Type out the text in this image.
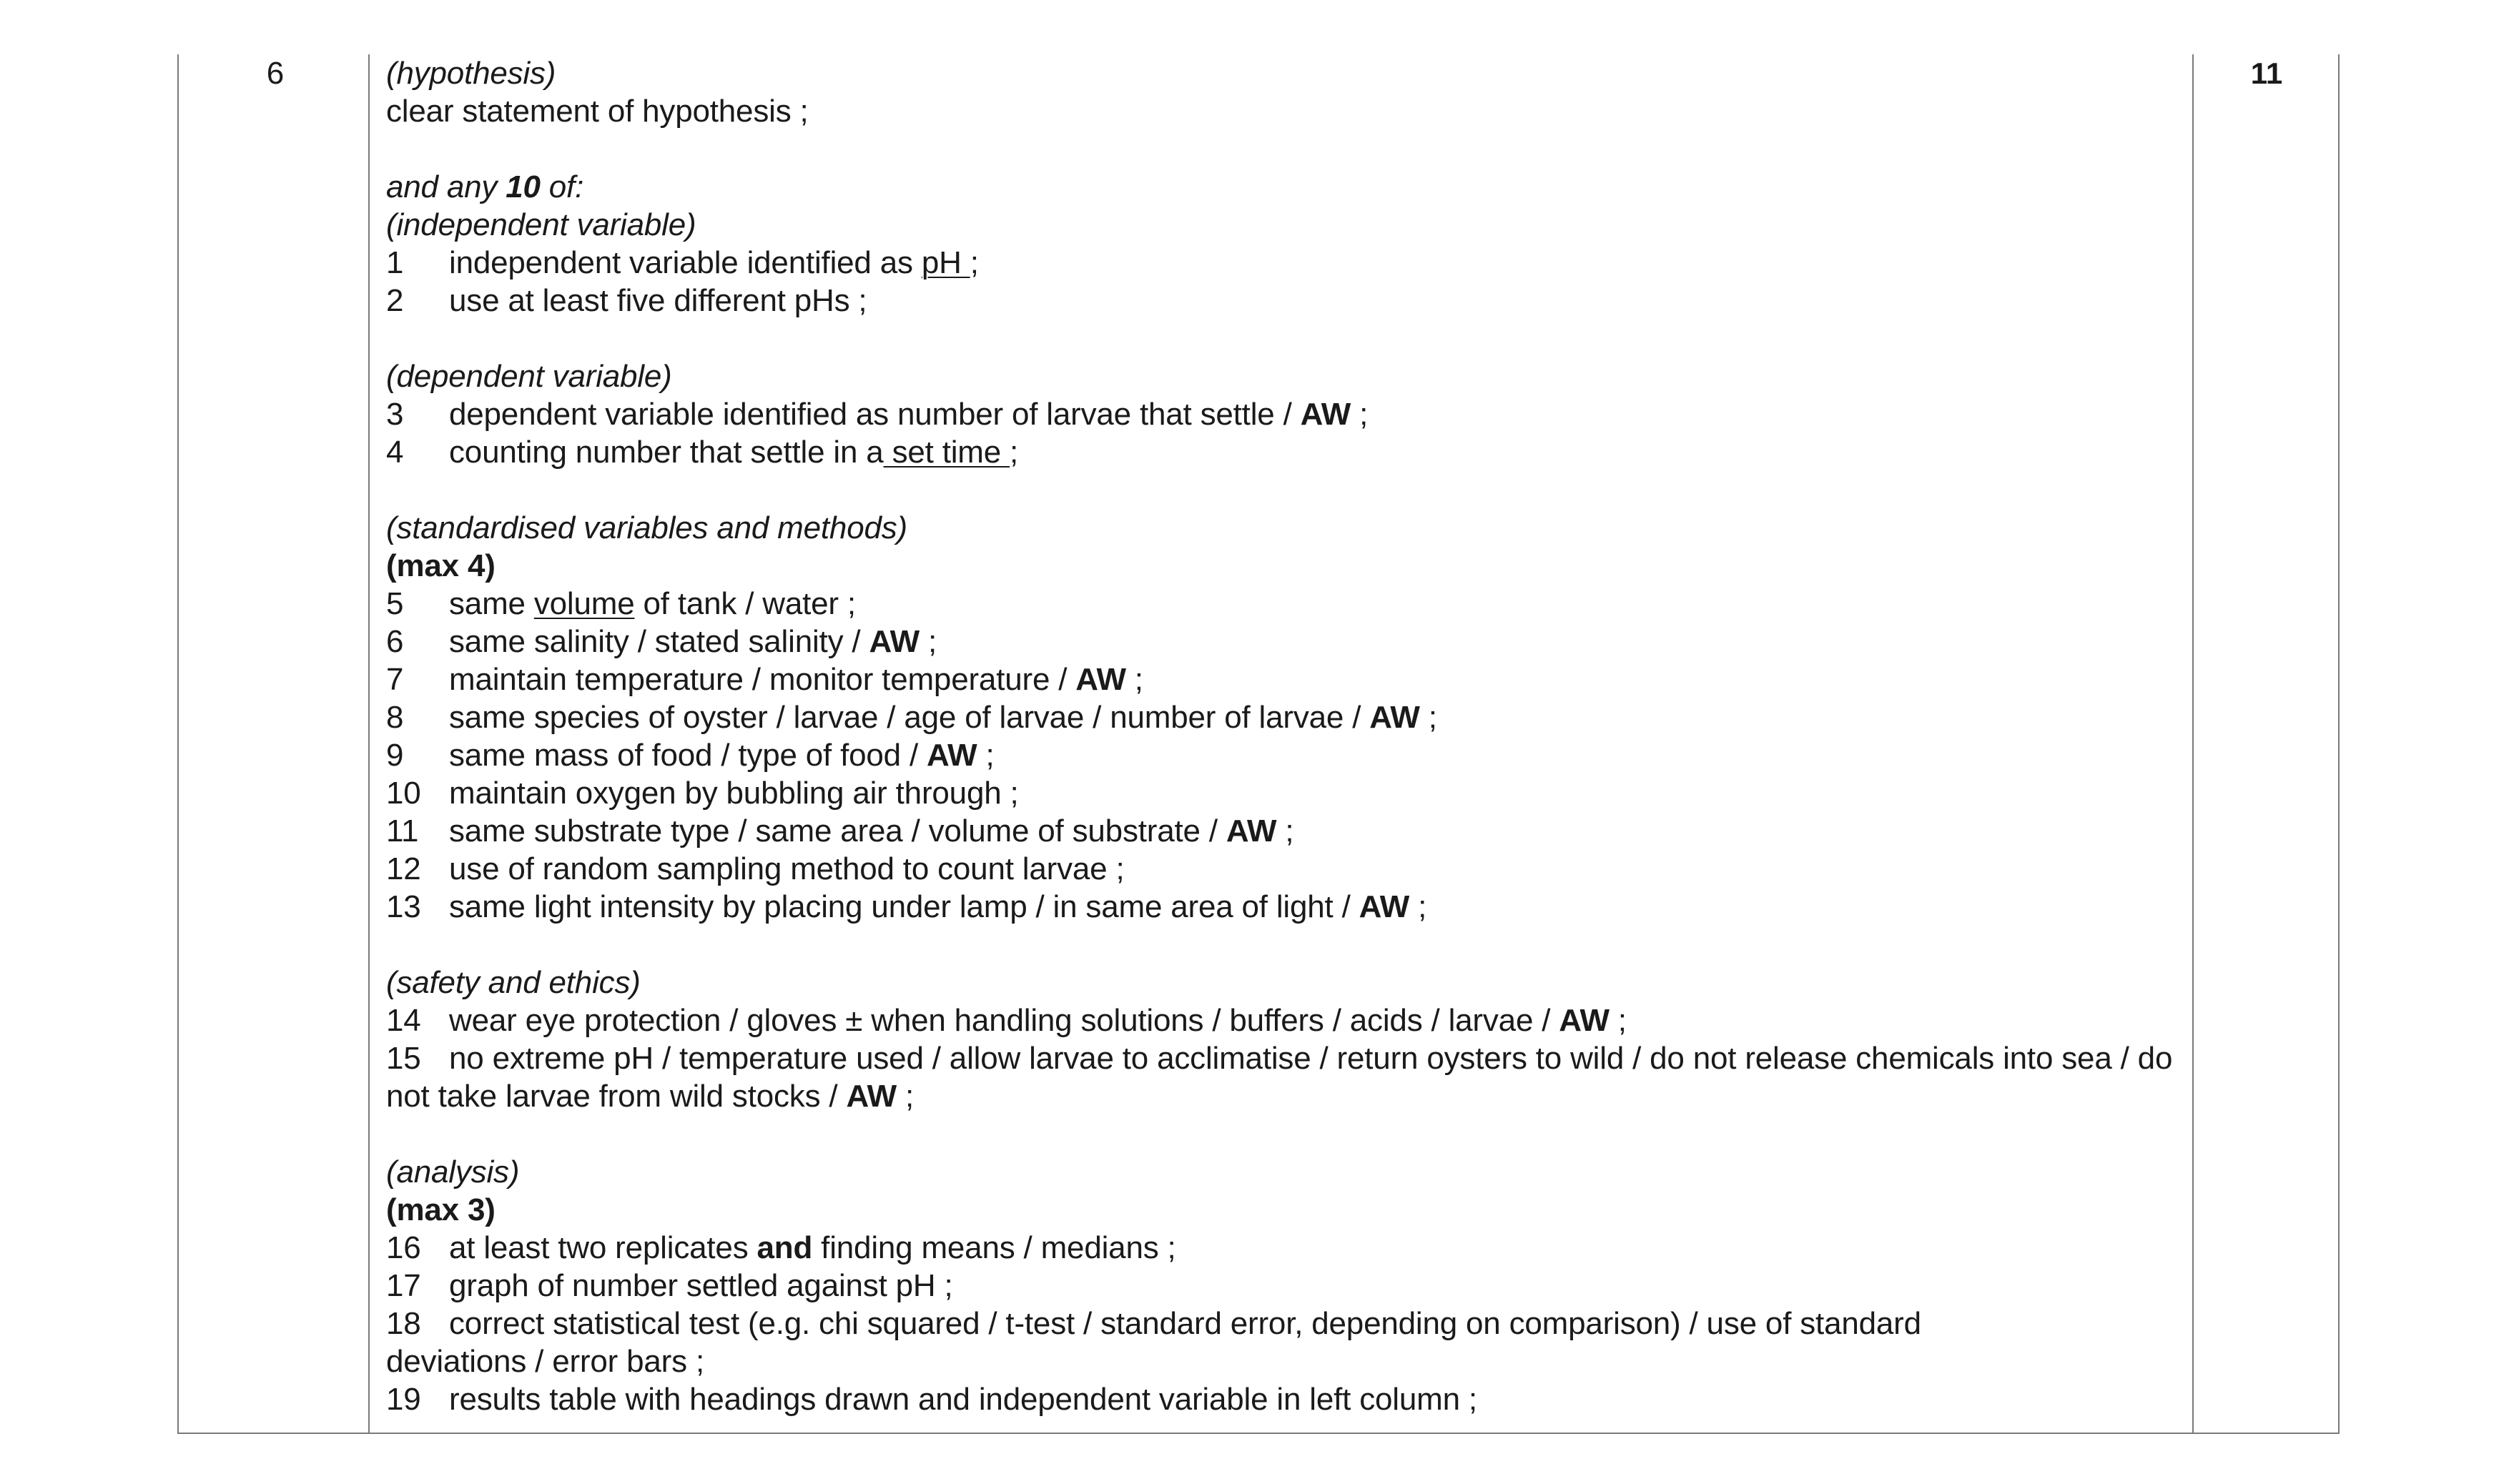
6	11
(hypothesis)
clear statement of hypothesis ;
and any 10 of:
(independent variable)
1 independent variable identified as pH ;
2 use at least five different pHs ;
(dependent variable)
3 dependent variable identified as number of larvae that settle / AW ;
4 counting number that settle in a set time ;
(standardised variables and methods)
(max 4)
5 same volume of tank / water ;
6 same salinity / stated salinity / AW ;
7 maintain temperature / monitor temperature / AW ;
8 same species of oyster / larvae / age of larvae / number of larvae / AW ;
9 same mass of food / type of food / AW ;
10 maintain oxygen by bubbling air through ;
11 same substrate type / same area / volume of substrate / AW ;
12 use of random sampling method to count larvae ;
13 same light intensity by placing under lamp / in same area of light / AW ;
(safety and ethics)
14 wear eye protection / gloves ± when handling solutions / buffers / acids / larvae / AW ;
15 no extreme pH / temperature used / allow larvae to acclimatise / return oysters to wild / do not release chemicals into sea / do not take larvae from wild stocks / AW ;
(analysis)
(max 3)
16 at least two replicates and finding means / medians ;
17 graph of number settled against pH ;
18 correct statistical test (e.g. chi squared / t-test / standard error, depending on comparison) / use of standard deviations / error bars ;
19 results table with headings drawn and independent variable in left column ;
